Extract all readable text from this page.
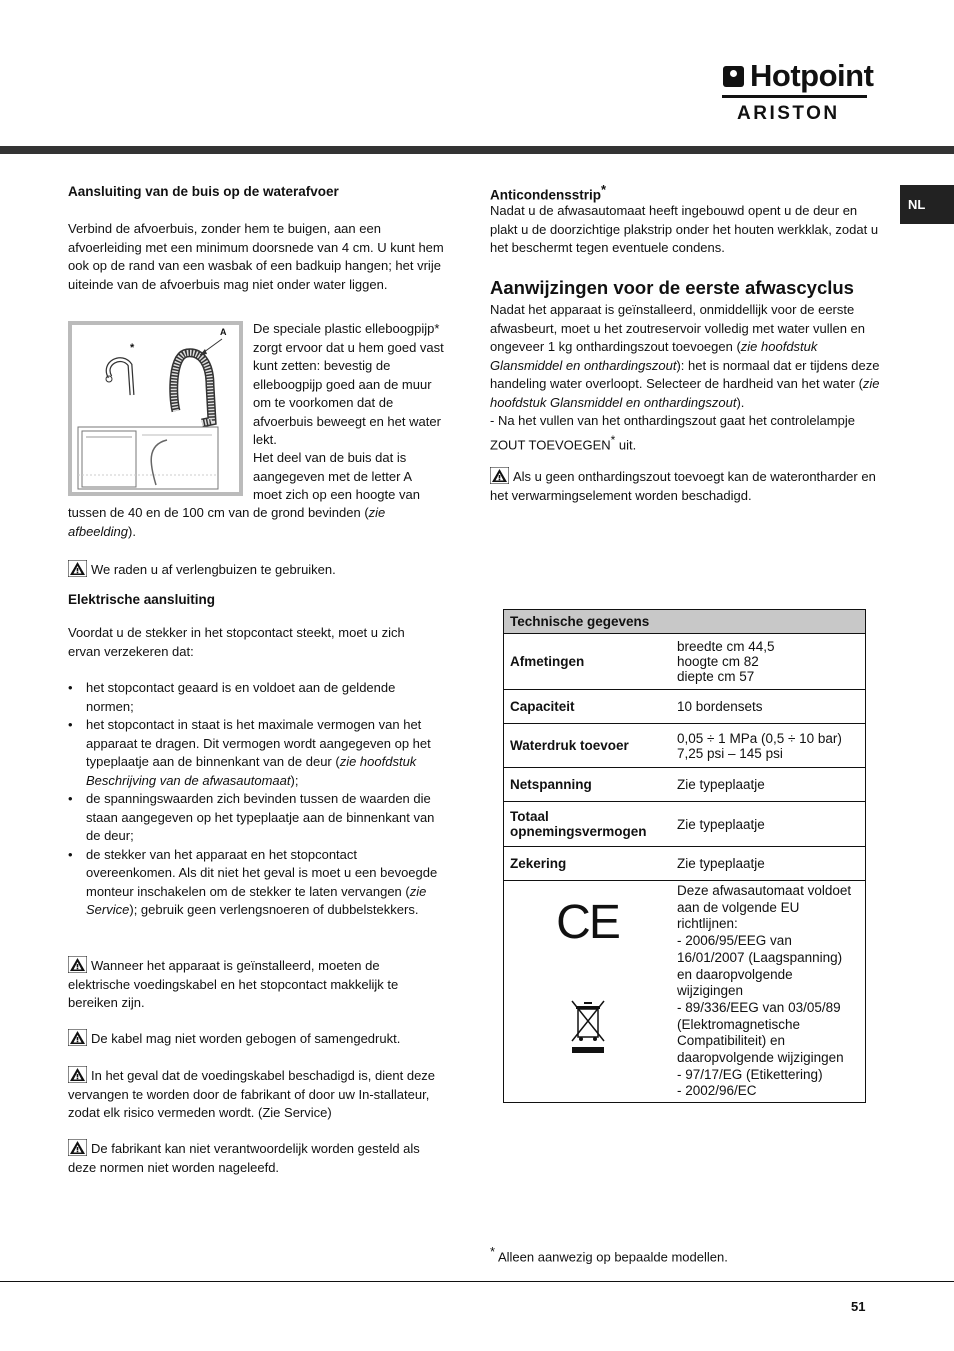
Hotpoint
ARISTON
NL
Aansluiting van de buis op de waterafvoer

Verbind de afvoerbuis, zonder hem te buigen, aan een afvoerleiding met een minimum doorsnede van 4 cm. U kunt hem ook op de rand van een wasbak of een badkuip hangen; het vrije uiteinde van de afvoerbuis mag niet onder water liggen.

*
A De speciale plastic elleboogpijp* zorgt ervoor dat u hem goed vast kunt zetten: bevestig de elleboogpijp goed aan de muur om te voorkomen dat de afvoerbuis beweegt en het water lekt.

Het deel van de buis dat is aangegeven met de letter A moet zich op een hoogte van

tussen de 40 en de 100 cm van de grond bevinden (zie afbeelding).

We raden u af verlengbuizen te gebruiken.

Elektrische aansluiting

Voordat u de stekker in het stopcontact steekt, moet u zich ervan verzekeren dat:

• het stopcontact geaard is en voldoet aan de geldende normen;
• het stopcontact in staat is het maximale vermogen van het apparaat te dragen. Dit vermogen wordt aangegeven op het typeplaatje aan de binnenkant van de deur (zie hoofdstuk Beschrijving van de afwasautomaat);
• de spanningswaarden zich bevinden tussen de waarden die staan aangegeven op het typeplaatje aan de binnenkant van de deur;
• de stekker van het apparaat en het stopcontact overeenkomen. Als dit niet het geval is moet u een bevoegde monteur inschakelen om de stekker te laten vervangen (zie Service); gebruik geen verlengsnoeren of dubbelstekkers.

Wanneer het apparaat is geïnstalleerd, moeten de elektrische voedingskabel en het stopcontact makkelijk te bereiken zijn.

De kabel mag niet worden gebogen of samengedrukt.

In het geval dat de voedingskabel beschadigd is, dient deze vervangen te worden door de fabrikant of door uw In-stallateur, zodat elk risico vermeden wordt. (Zie Service)

De fabrikant kan niet verantwoordelijk worden gesteld als deze normen niet worden nageleefd.

Anticondensstrip*

Nadat u de afwasautomaat heeft ingebouwd opent u de deur en plakt u de doorzichtige plakstrip onder het houten werkklak, zodat u het beschermt tegen eventuele condens.

Aanwijzingen voor de eerste afwascyclus

Nadat het apparaat is geïnstalleerd, onmiddellijk voor de eerste afwasbeurt, moet u het zoutreservoir volledig met water vullen en ongeveer 1 kg onthardingszout toevoegen (zie hoofdstuk Glansmiddel en onthardingszout): het is normaal dat er tijdens deze handeling water overloopt. Selecteer de hardheid van het water (zie hoofdstuk Glansmiddel en onthardingszout).
- Na het vullen van het onthardingszout gaat het controlelampje ZOUT TOEVOEGEN* uit.

Als u geen onthardingszout toevoegt kan de waterontharder en het verwarmingselement worden beschadigd.

Technische gegevens	
Afmetingen	breedte cm 44,5
hoogte cm 82
diepte cm 57
Capaciteit	10 bordensets
Waterdruk toevoer	0,05 ÷ 1 MPa (0,5 ÷ 10 bar)
7,25 psi – 145 psi
Netspanning	Zie typeplaatje
Totaal opnemingsvermogen	Zie typeplaatje
Zekering	Zie typeplaatje

CE	Deze afwasautomaat voldoet aan de volgende EU richtlijnen:
- 2006/95/EEG van 16/01/2007 (Laagspanning) en daaropvolgende wijzigingen
- 89/336/EEG van 03/05/89 (Elektromagnetische Compatibiliteit) en daaropvolgende wijzigingen
- 97/17/EG (Etikettering)
- 2002/96/EC

* Alleen aanwezig op bepaalde modellen.

51
